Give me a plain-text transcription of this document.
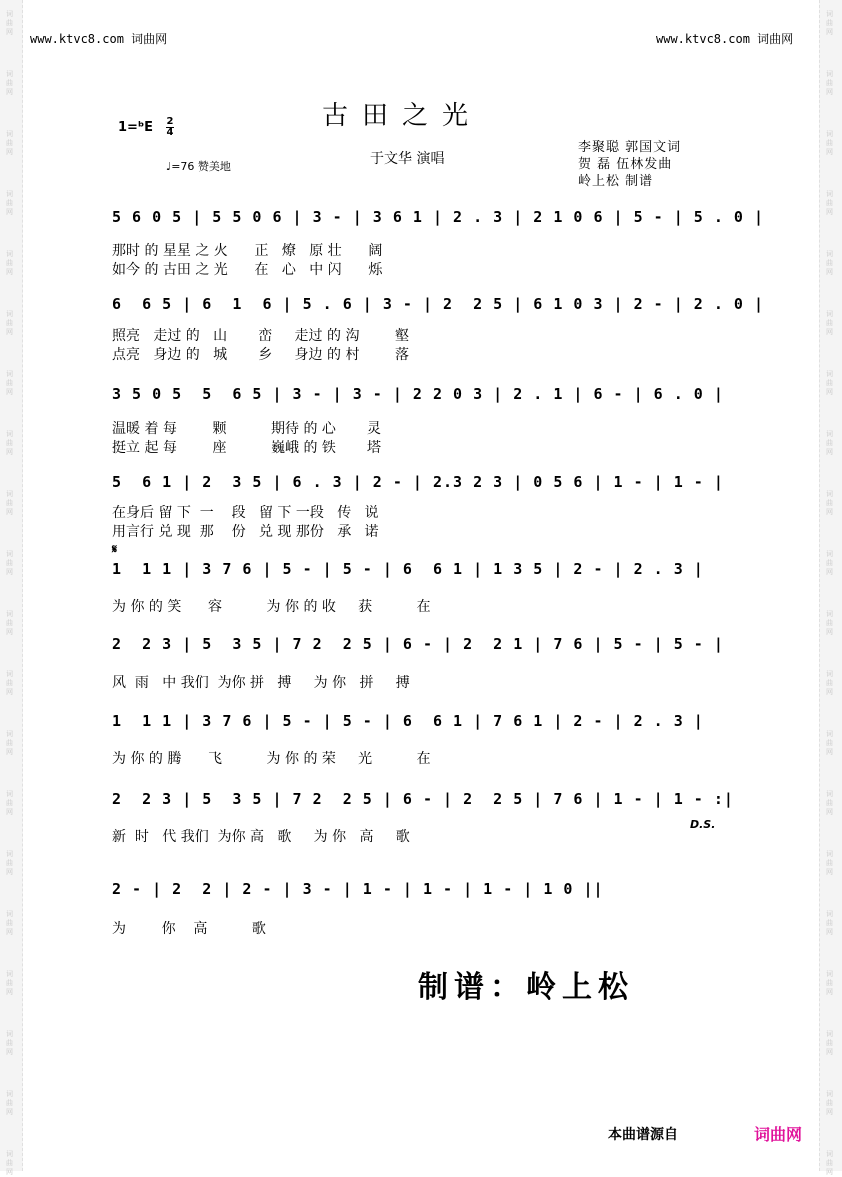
www.ktvc8.com 词曲网	www.ktvc8.com 词曲网
古田之光
1=ᵇE 2
4
♩=76 赞美地	于文华 演唱
李聚聪 郭国文词
贺 磊 伍林发曲
岭上松 制谱
5 6 0 5 | 5 5 0 6 | 3 - | 3 6 1 | 2 . 3 | 2 1 0 6 | 5 - | 5 . 0 |
那时 的 星星 之 火      正   燎   原 壮      阔
如今 的 古田 之 光      在   心   中 闪      烁
6  6 5 | 6  1  6 | 5 . 6 | 3 - | 2  2 5 | 6 1 0 3 | 2 - | 2 . 0 |
照亮   走过 的   山       峦     走过 的 沟        壑
点亮   身边 的   城       乡     身边 的 村        落
3 5 0 5  5  6 5 | 3 - | 3 - | 2 2 0 3 | 2 . 1 | 6 - | 6 . 0 |
温暖 着 每        颗          期待 的 心       灵
挺立 起 每        座          巍峨 的 铁       塔
5  6 1 | 2  3 5 | 6 . 3 | 2 - | 2.3 2 3 | 0 5 6 | 1 - | 1 - |
在身后 留 下  一    段   留 下 一段   传   说
用言行 兑 现  那    份   兑 现 那份   承   诺
1  1 1 | 3 7 6 | 5 - | 5 - | 6  6 1 | 1 3 5 | 2 - | 2 . 3 |
为 你 的 笑      容          为 你 的 收     获          在
2  2 3 | 5  3 5 | 7 2  2 5 | 6 - | 2  2 1 | 7 6 | 5 - | 5 - |
风  雨   中 我们  为你 拼   搏     为 你   拼     搏
1  1 1 | 3 7 6 | 5 - | 5 - | 6  6 1 | 7 6 1 | 2 - | 2 . 3 |
为 你 的 腾      飞          为 你 的 荣     光          在
2  2 3 | 5  3 5 | 7 2  2 5 | 6 - | 2  2 5 | 7 6 | 1 - | 1 - :|
新  时   代 我们  为你 高   歌     为 你   高     歌
2 - | 2  2 | 2 - | 3 - | 1 - | 1 - | 1 - | 1 0 ||
为        你    高          歌
𝄋
D.S.
制谱：岭上松
本曲谱源自	词曲网
词曲网
词曲网
词曲网
词曲网
词曲网
词曲网
词曲网
词曲网
词曲网
词曲网
词曲网
词曲网
词曲网
词曲网
词曲网
词曲网
词曲网
词曲网
词曲网
词曲网
词曲网
词曲网
词曲网
词曲网
词曲网
词曲网
词曲网
词曲网
词曲网
词曲网
词曲网
词曲网
词曲网
词曲网
词曲网
词曲网
词曲网
词曲网
词曲网
词曲网
